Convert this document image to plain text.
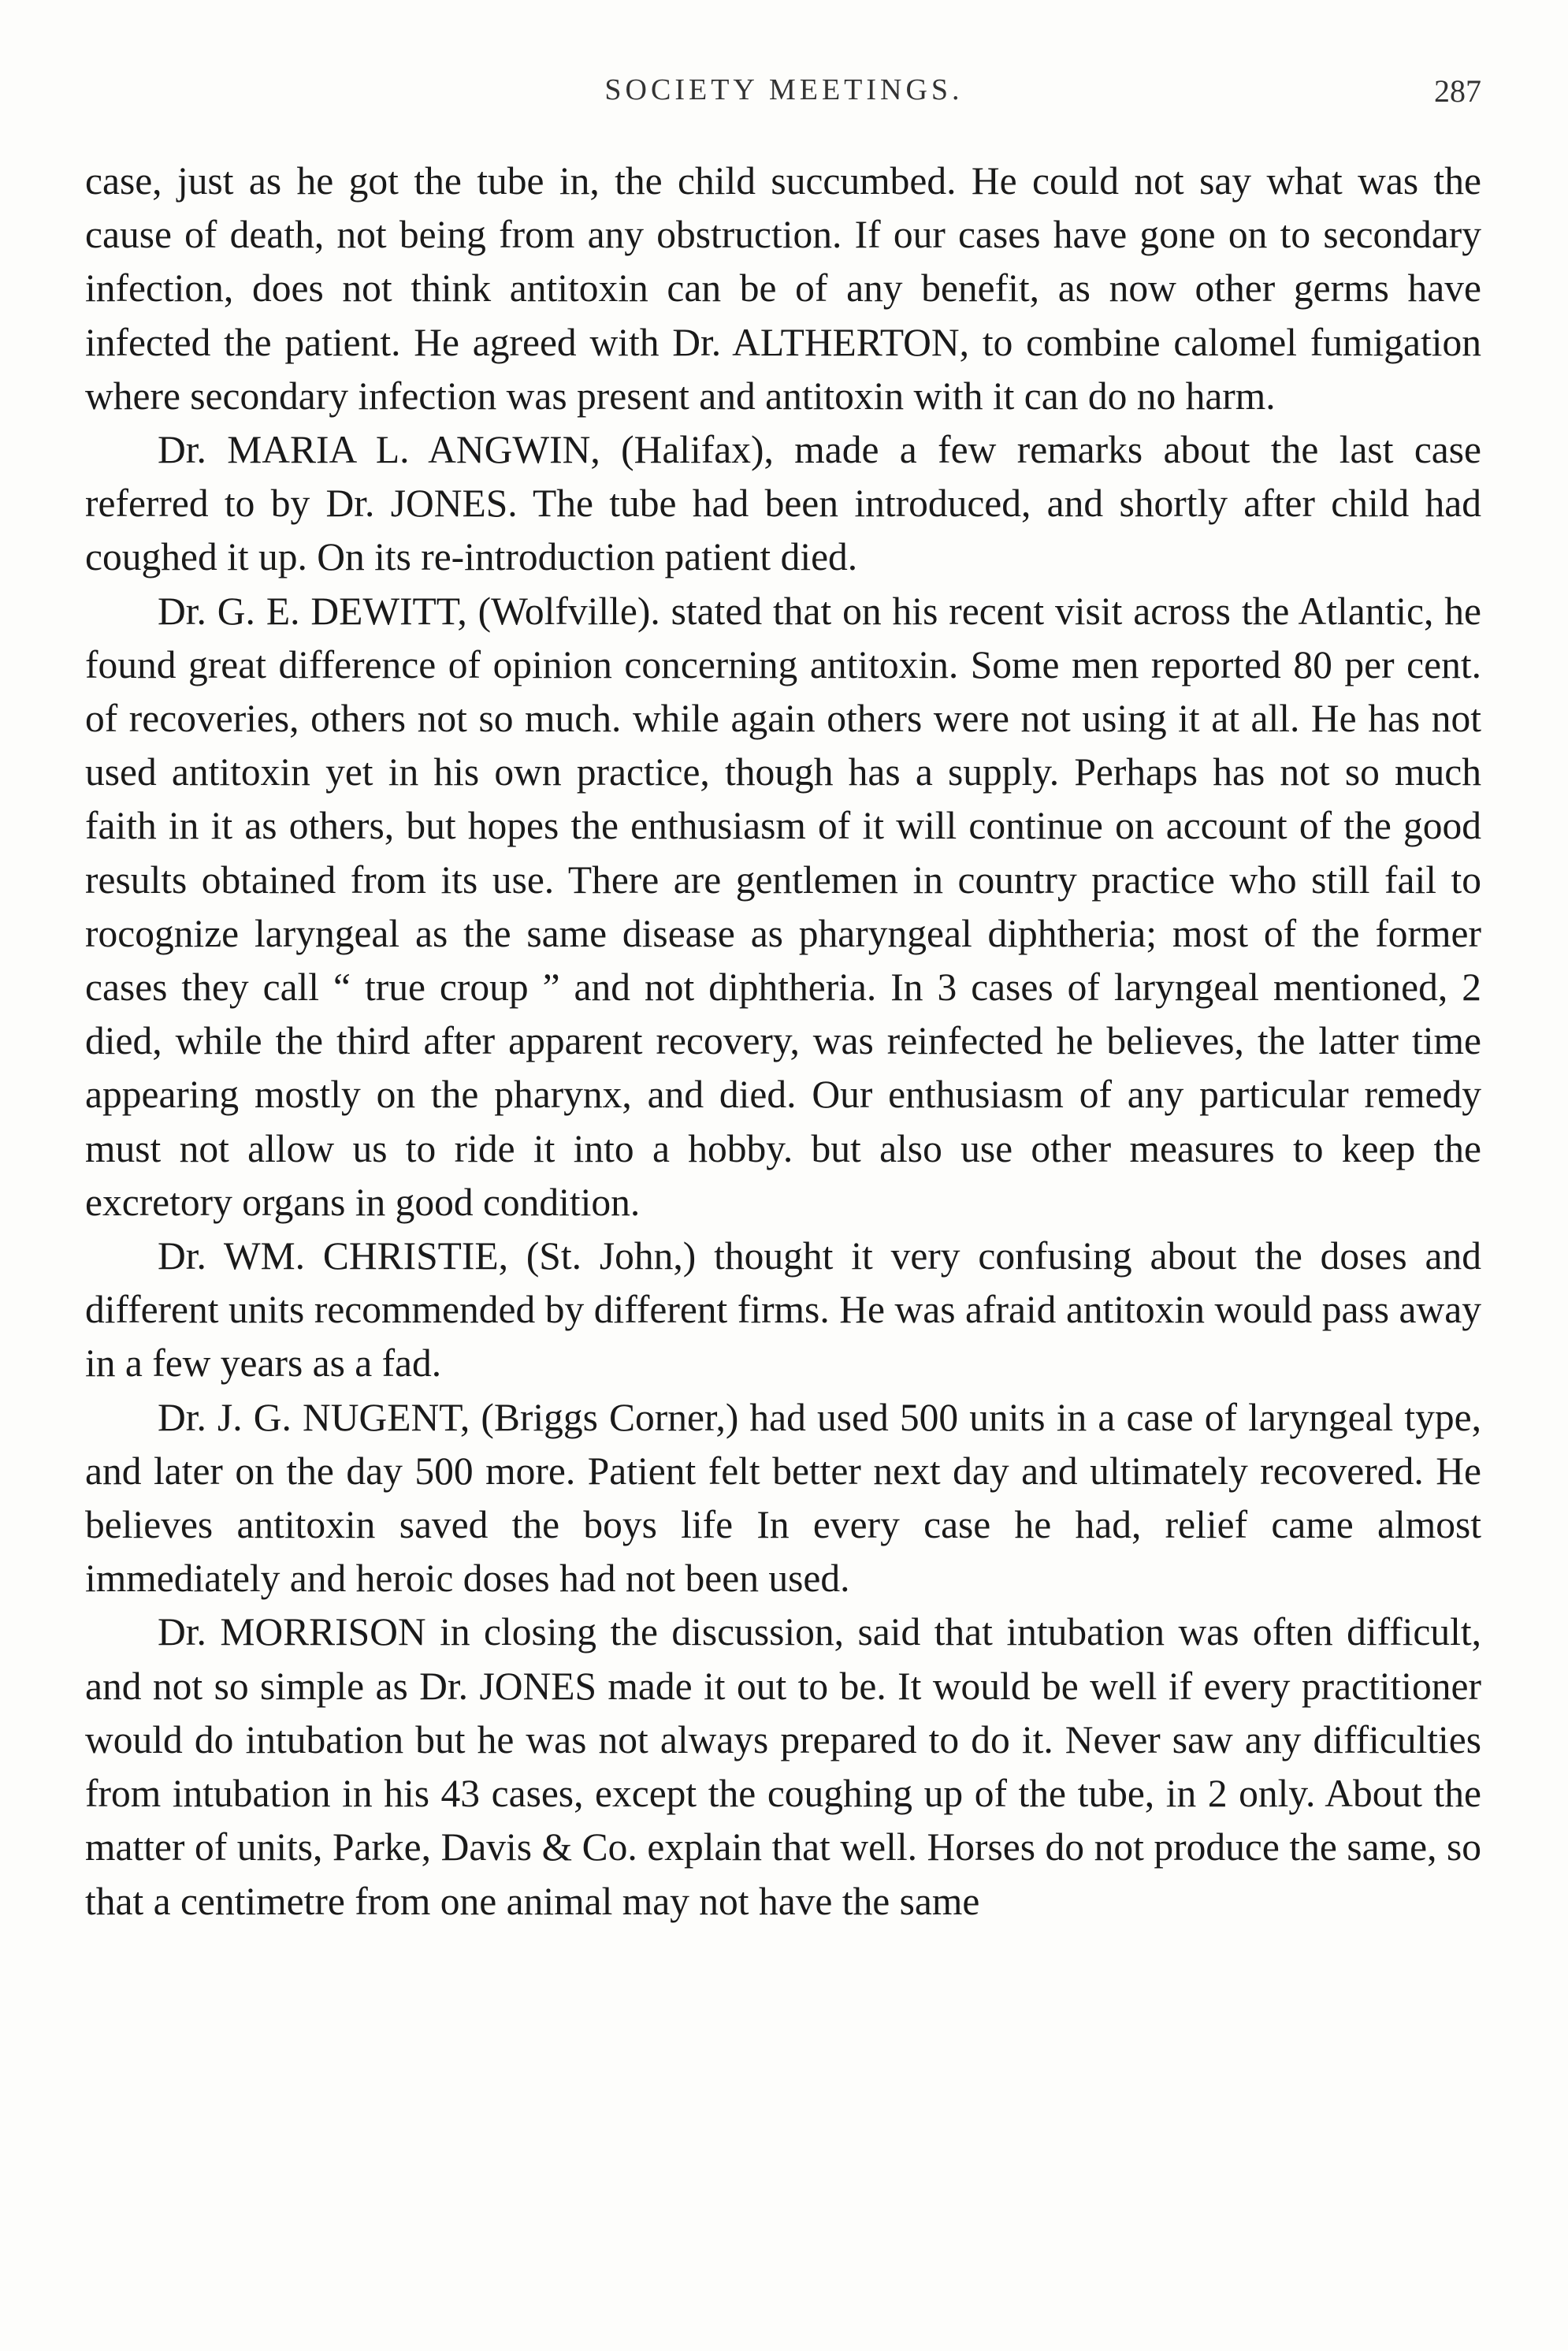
SOCIETY MEETINGS.	287

case, just as he got the tube in, the child succumbed. He could not say what was the cause of death, not being from any obstruction. If our cases have gone on to secondary infection, does not think antitoxin can be of any benefit, as now other germs have infected the patient. He agreed with Dr. ALTHERTON, to combine calomel fumigation where secondary infection was present and antitoxin with it can do no harm.

Dr. MARIA L. ANGWIN, (Halifax), made a few remarks about the last case referred to by Dr. JONES. The tube had been introduced, and shortly after child had coughed it up. On its re-introduction patient died.

Dr. G. E. DEWITT, (Wolfville). stated that on his recent visit across the Atlantic, he found great difference of opinion concerning antitoxin. Some men reported 80 per cent. of recoveries, others not so much. while again others were not using it at all. He has not used antitoxin yet in his own practice, though has a supply. Perhaps has not so much faith in it as others, but hopes the enthusiasm of it will continue on account of the good results obtained from its use. There are gentlemen in country practice who still fail to rocognize laryngeal as the same disease as pharyngeal diphtheria; most of the former cases they call “ true croup ” and not diphtheria. In 3 cases of laryngeal mentioned, 2 died, while the third after apparent recovery, was reinfected he believes, the latter time appearing mostly on the pharynx, and died. Our enthusiasm of any particular remedy must not allow us to ride it into a hobby. but also use other measures to keep the excretory organs in good condition.

Dr. WM. CHRISTIE, (St. John,) thought it very confusing about the doses and different units recommended by different firms. He was afraid antitoxin would pass away in a few years as a fad.

Dr. J. G. NUGENT, (Briggs Corner,) had used 500 units in a case of laryngeal type, and later on the day 500 more. Patient felt better next day and ultimately recovered. He believes antitoxin saved the boys life In every case he had, relief came almost immediately and heroic doses had not been used.

Dr. MORRISON in closing the discussion, said that intubation was often difficult, and not so simple as Dr. JONES made it out to be. It would be well if every practitioner would do intubation but he was not always prepared to do it. Never saw any difficulties from intubation in his 43 cases, except the coughing up of the tube, in 2 only. About the matter of units, Parke, Davis & Co. explain that well. Horses do not produce the same, so that a centimetre from one animal may not have the same
